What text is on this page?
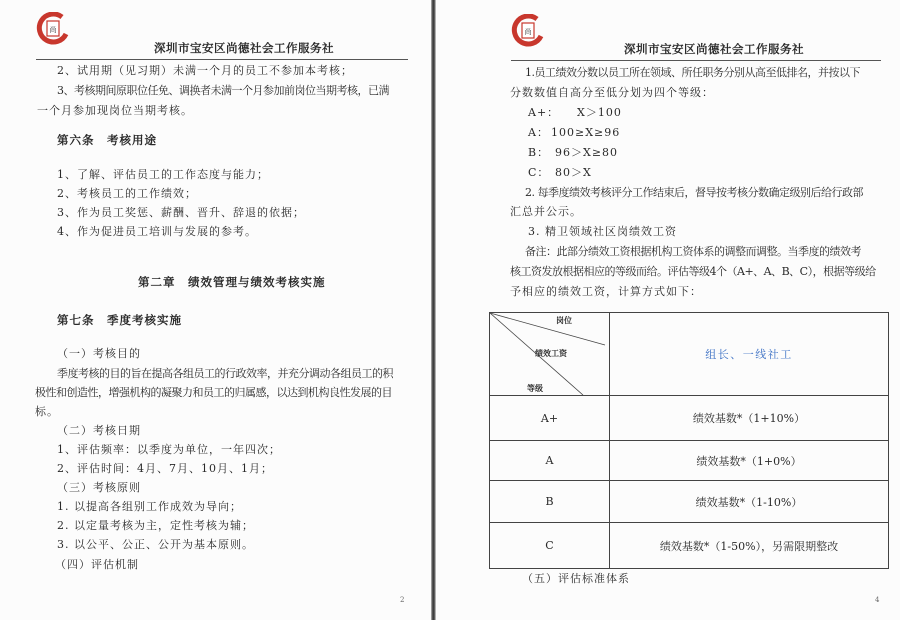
尚
深圳市宝安区尚德社会工作服务社
2、试用期（见习期）未满一个月的员工不参加本考核；
3、考核期间原职位任免、调换者未满一个月参加前岗位当期考核，已满
一个月参加现岗位当期考核。
第六条　考核用途
1、了解、评估员工的工作态度与能力；
2、考核员工的工作绩效；
3、作为员工奖惩、薪酬、晋升、辞退的依据；
4、作为促进员工培训与发展的参考。
第二章　绩效管理与绩效考核实施
第七条　季度考核实施
（一）考核目的
季度考核的目的旨在提高各组员工的行政效率，并充分调动各组员工的积
极性和创造性，增强机构的凝聚力和员工的归属感，以达到机构良性发展的目
标。
（二）考核日期
1、评估频率：以季度为单位，一年四次；
2、评估时间：4月、7月、10月、1月；
（三）考核原则
1. 以提高各组别工作成效为导向；
2. 以定量考核为主，定性考核为辅；
3. 以公平、公正、公开为基本原则。
（四）评估机制
2
尚
深圳市宝安区尚德社会工作服务社
1.员工绩效分数以员工所在领域、所任职务分别从高至低排名，并按以下
分数数值自高分至低分划为四个等级：
A+： X＞100
A： 100≥X≥96
B： 96＞X≥80
C： 80＞X
2. 每季度绩效考核评分工作结束后，督导按考核分数确定级别后给行政部
汇总并公示。
3. 精卫领域社区岗绩效工资
备注：此部分绩效工资根据机构工资体系的调整而调整。当季度的绩效考
核工资发放根据相应的等级而给。评估等级4个（A+、A、B、C），根据等级给
予相应的绩效工资，计算方式如下：
岗位
绩效工资
等级	组长、一线社工
A+	绩效基数*（1+10%）
A	绩效基数*（1+0%）
B	绩效基数*（1-10%）
C	绩效基数*（1-50%），另需限期整改
（五）评估标准体系
4
